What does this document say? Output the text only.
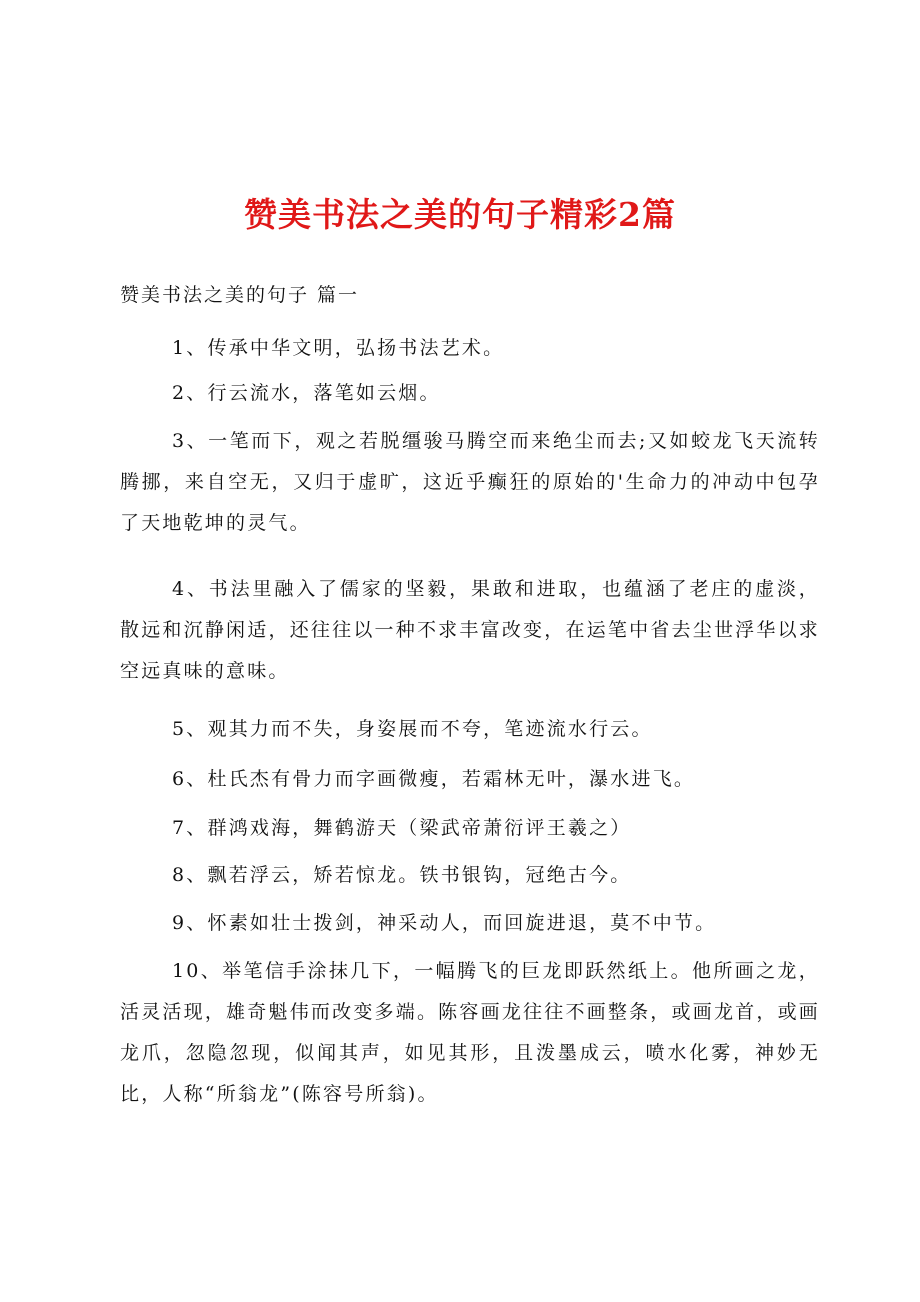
赞美书法之美的句子精彩2篇
赞美书法之美的句子 篇一

1、传承中华文明，弘扬书法艺术。

2、行云流水，落笔如云烟。

3、一笔而下，观之若脱缰骏马腾空而来绝尘而去;又如蛟龙飞天流转腾挪，来自空无，又归于虚旷，这近乎癫狂的原始的'生命力的冲动中包孕了天地乾坤的灵气。

4、书法里融入了儒家的坚毅，果敢和进取，也蕴涵了老庄的虚淡，散远和沉静闲适，还往往以一种不求丰富改变，在运笔中省去尘世浮华以求空远真味的意味。

5、观其力而不失，身姿展而不夸，笔迹流水行云。

6、杜氏杰有骨力而字画微瘦，若霜林无叶，瀑水进飞。

7、群鸿戏海，舞鹤游天（梁武帝萧衍评王羲之）

8、飘若浮云，矫若惊龙。铁书银钩，冠绝古今。

9、怀素如壮士拨剑，神采动人，而回旋进退，莫不中节。

10、举笔信手涂抹几下，一幅腾飞的巨龙即跃然纸上。他所画之龙，活灵活现，雄奇魁伟而改变多端。陈容画龙往往不画整条，或画龙首，或画龙爪，忽隐忽现，似闻其声，如见其形，且泼墨成云，喷水化雾，神妙无比，人称“所翁龙”(陈容号所翁)。
